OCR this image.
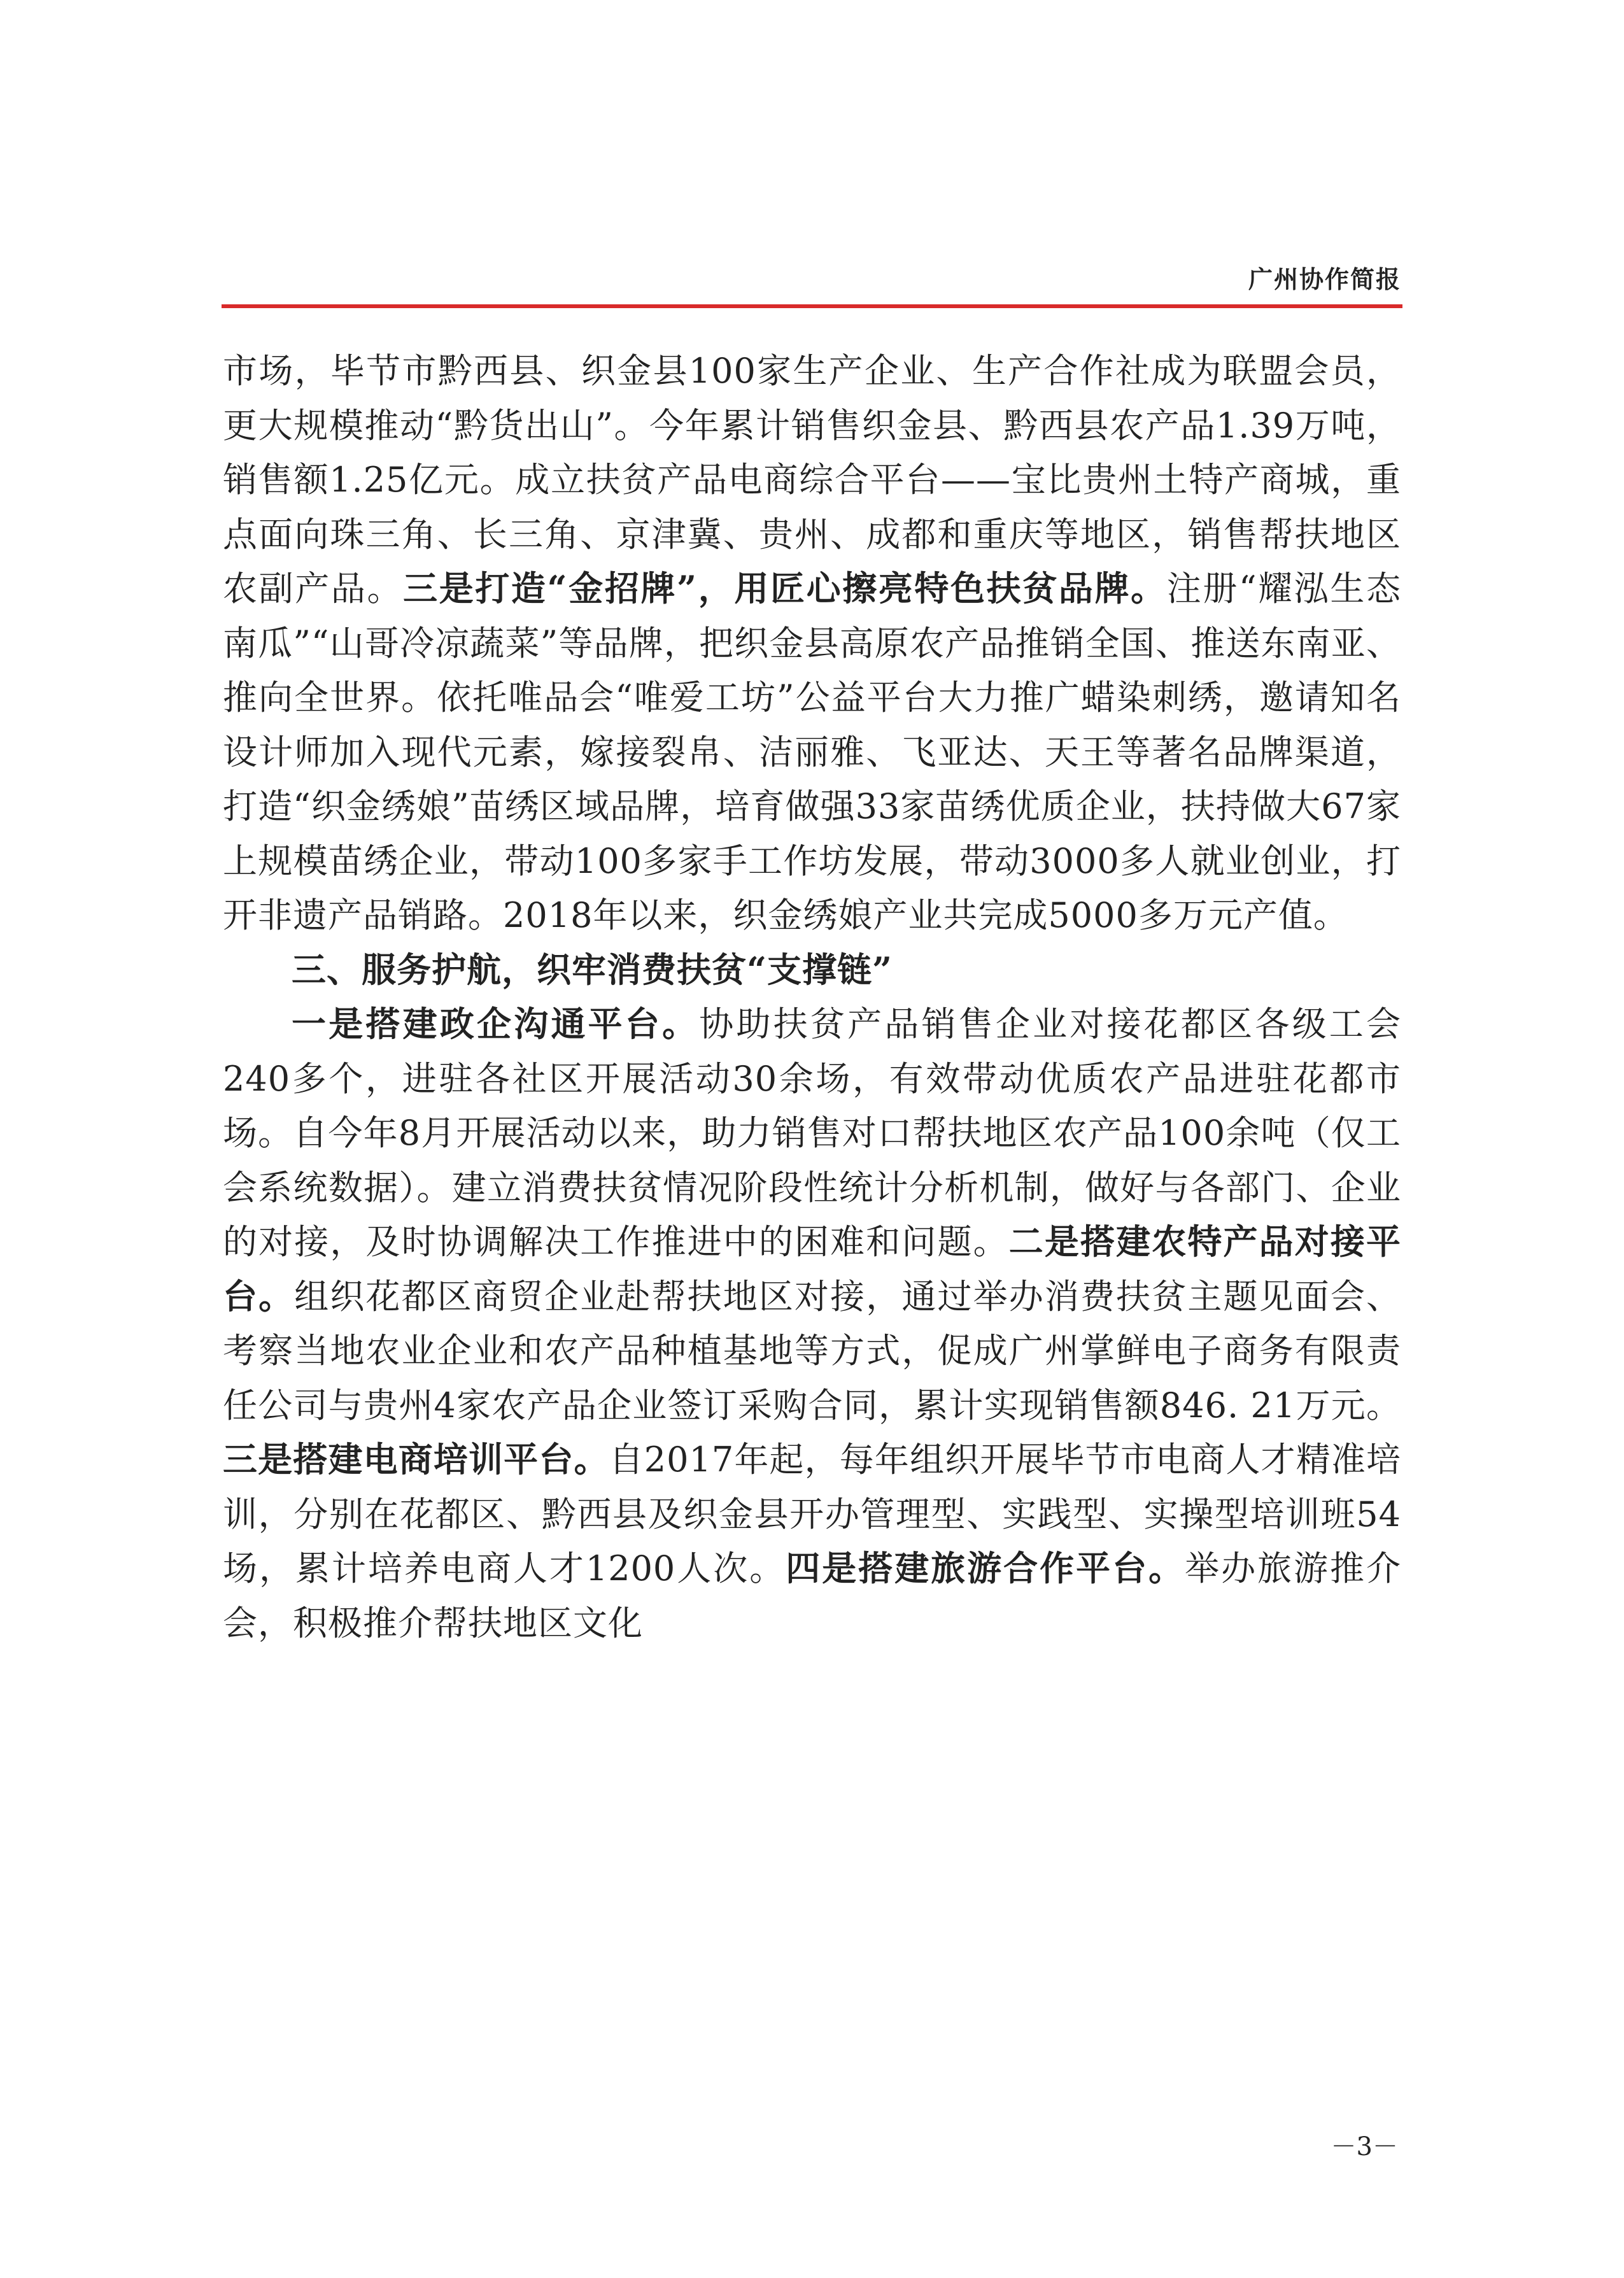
广州协作简报

市场，毕节市黔西县、织金县100家生产企业、生产合作社成为联盟会员，更大规模推动“黔货出山”。今年累计销售织金县、黔西县农产品1.39万吨，销售额1.25亿元。成立扶贫产品电商综合平台——宝比贵州土特产商城，重点面向珠三角、长三角、京津冀、贵州、成都和重庆等地区，销售帮扶地区农副产品。三是打造“金招牌”，用匠心擦亮特色扶贫品牌。注册“耀泓生态南瓜”“山哥冷凉蔬菜”等品牌，把织金县高原农产品推销全国、推送东南亚、推向全世界。依托唯品会“唯爱工坊”公益平台大力推广蜡染刺绣，邀请知名设计师加入现代元素，嫁接裂帛、洁丽雅、飞亚达、天王等著名品牌渠道，打造“织金绣娘”苗绣区域品牌，培育做强33家苗绣优质企业，扶持做大67家上规模苗绣企业，带动100多家手工作坊发展，带动3000多人就业创业，打开非遗产品销路。2018年以来，织金绣娘产业共完成5000多万元产值。

三、服务护航，织牢消费扶贫“支撑链”

一是搭建政企沟通平台。协助扶贫产品销售企业对接花都区各级工会240多个，进驻各社区开展活动30余场，有效带动优质农产品进驻花都市场。自今年8月开展活动以来，助力销售对口帮扶地区农产品100余吨（仅工会系统数据）。建立消费扶贫情况阶段性统计分析机制，做好与各部门、企业的对接，及时协调解决工作推进中的困难和问题。二是搭建农特产品对接平台。组织花都区商贸企业赴帮扶地区对接，通过举办消费扶贫主题见面会、考察当地农业企业和农产品种植基地等方式，促成广州掌鲜电子商务有限责任公司与贵州4家农产品企业签订采购合同，累计实现销售额846. 21万元。三是搭建电商培训平台。自2017年起，每年组织开展毕节市电商人才精准培训，分别在花都区、黔西县及织金县开办管理型、实践型、实操型培训班54场，累计培养电商人才1200人次。四是搭建旅游合作平台。举办旅游推介会，积极推介帮扶地区文化

－3－
